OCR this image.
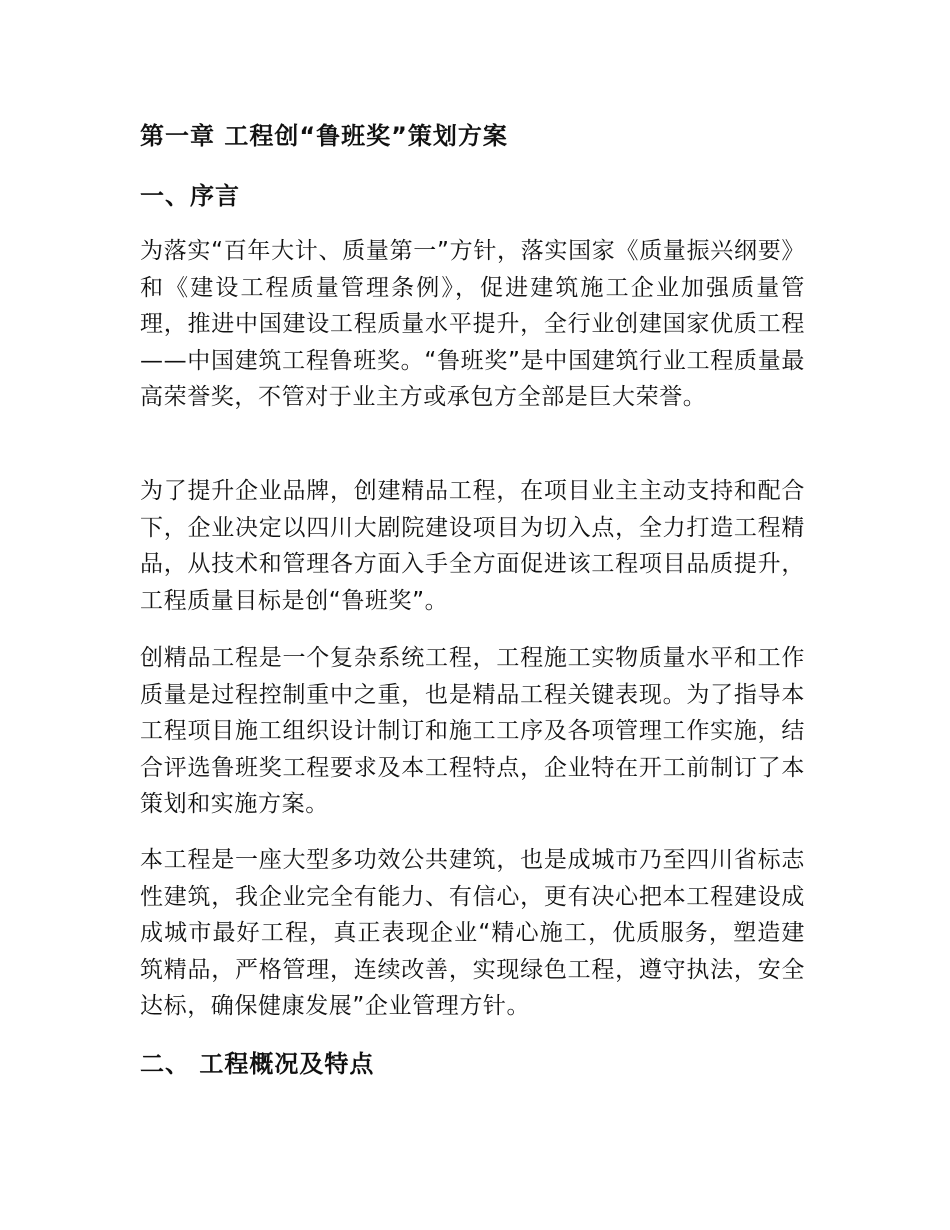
第一章 工程创“鲁班奖”策划方案
一、序言

为落实“百年大计、质量第一”方针，落实国家《质量振兴纲要》和《建设工程质量管理条例》，促进建筑施工企业加强质量管理，推进中国建设工程质量水平提升，全行业创建国家优质工程——中国建筑工程鲁班奖。“鲁班奖”是中国建筑行业工程质量最高荣誉奖，不管对于业主方或承包方全部是巨大荣誉。

为了提升企业品牌，创建精品工程，在项目业主主动支持和配合下，企业决定以四川大剧院建设项目为切入点，全力打造工程精品，从技术和管理各方面入手全方面促进该工程项目品质提升，工程质量目标是创“鲁班奖”。

创精品工程是一个复杂系统工程，工程施工实物质量水平和工作质量是过程控制重中之重，也是精品工程关键表现。为了指导本工程项目施工组织设计制订和施工工序及各项管理工作实施，结合评选鲁班奖工程要求及本工程特点，企业特在开工前制订了本策划和实施方案。

本工程是一座大型多功效公共建筑，也是成城市乃至四川省标志性建筑，我企业完全有能力、有信心，更有决心把本工程建设成成城市最好工程，真正表现企业“精心施工，优质服务，塑造建筑精品，严格管理，连续改善，实现绿色工程，遵守执法，安全达标，确保健康发展”企业管理方针。

二、 工程概况及特点
